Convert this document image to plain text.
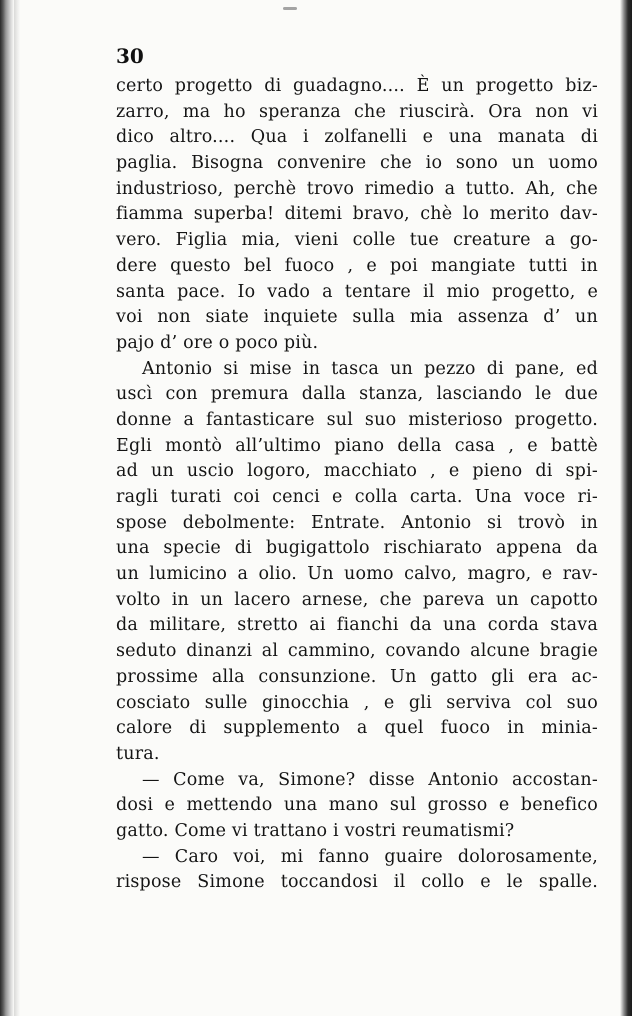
30
certo progetto di guadagno.... È un progetto biz-
zarro, ma ho speranza che riuscirà. Ora non vi
dico altro.... Qua i zolfanelli e una manata di
paglia. Bisogna convenire che io sono un uomo
industrioso, perchè trovo rimedio a tutto. Ah, che
fiamma superba! ditemi bravo, chè lo merito dav-
vero. Figlia mia, vieni colle tue creature a go-
dere questo bel fuoco , e poi mangiate tutti in
santa pace. Io vado a tentare il mio progetto, e
voi non siate inquiete sulla mia assenza d’ un
pajo d’ ore o poco più.
Antonio si mise in tasca un pezzo di pane, ed
uscì con premura dalla stanza, lasciando le due
donne a fantasticare sul suo misterioso progetto.
Egli montò all’ultimo piano della casa , e battè
ad un uscio logoro, macchiato , e pieno di spi-
ragli turati coi cenci e colla carta. Una voce ri-
spose debolmente: Entrate. Antonio si trovò in
una specie di bugigattolo rischiarato appena da
un lumicino a olio. Un uomo calvo, magro, e rav-
volto in un lacero arnese, che pareva un capotto
da militare, stretto ai fianchi da una corda stava
seduto dinanzi al cammino, covando alcune bragie
prossime alla consunzione. Un gatto gli era ac-
cosciato sulle ginocchia , e gli serviva col suo
calore di supplemento a quel fuoco in minia-
tura.
— Come va, Simone? disse Antonio accostan-
dosi e mettendo una mano sul grosso e benefico
gatto. Come vi trattano i vostri reumatismi?
— Caro voi, mi fanno guaire dolorosamente,
rispose Simone toccandosi il collo e le spalle.
